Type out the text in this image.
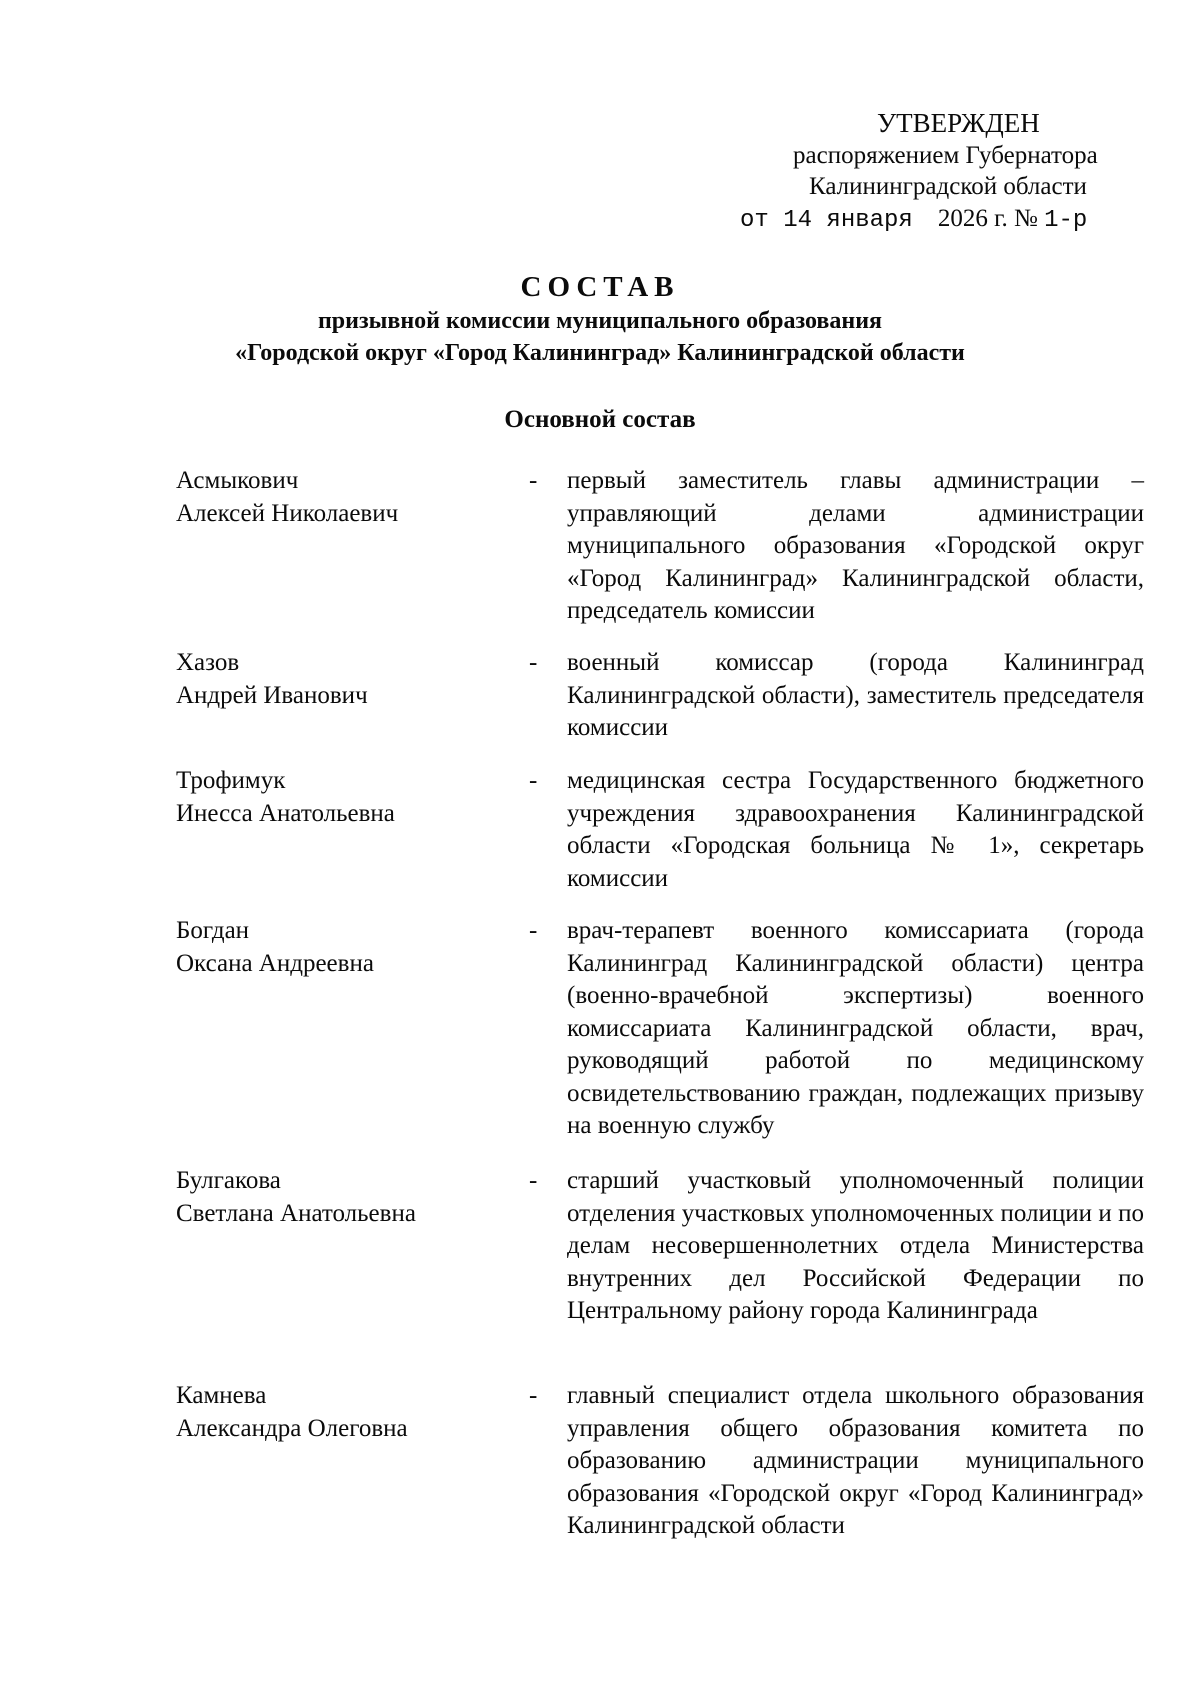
УТВЕРЖДЕН
распоряжением Губернатора
Калининградской области
от 14 января 2026 г. № 1-р
СОСТАВ
призывной комиссии муниципального образования
«Городской округ «Город Калининград» Калининградской области
Основной состав
Асмыкович
Алексей Николаевич
- первый заместитель главы администрации – управляющий делами администрации муниципального образования «Городской округ «Город Калининград» Калининградской области, председатель комиссии
Хазов
Андрей Иванович
- военный комиссар (города Калининград Калининградской области), заместитель председателя комиссии
Трофимук
Инесса Анатольевна
- медицинская сестра Государственного бюджетного учреждения здравоохранения Калининградской области «Городская больница № 1», секретарь комиссии
Богдан
Оксана Андреевна
- врач-терапевт военного комиссариата (города Калининград Калининградской области) центра (военно-врачебной экспертизы) военного комиссариата Калининградской области, врач, руководящий работой по медицинскому освидетельствованию граждан, подлежащих призыву на военную службу
Булгакова
Светлана Анатольевна
- старший участковый уполномоченный полиции отделения участковых уполномоченных полиции и по делам несовершеннолетних отдела Министерства внутренних дел Российской Федерации по Центральному району города Калининграда
Камнева
Александра Олеговна
- главный специалист отдела школьного образования управления общего образования комитета по образованию администрации муниципального образования «Городской округ «Город Калининград» Калининградской области
